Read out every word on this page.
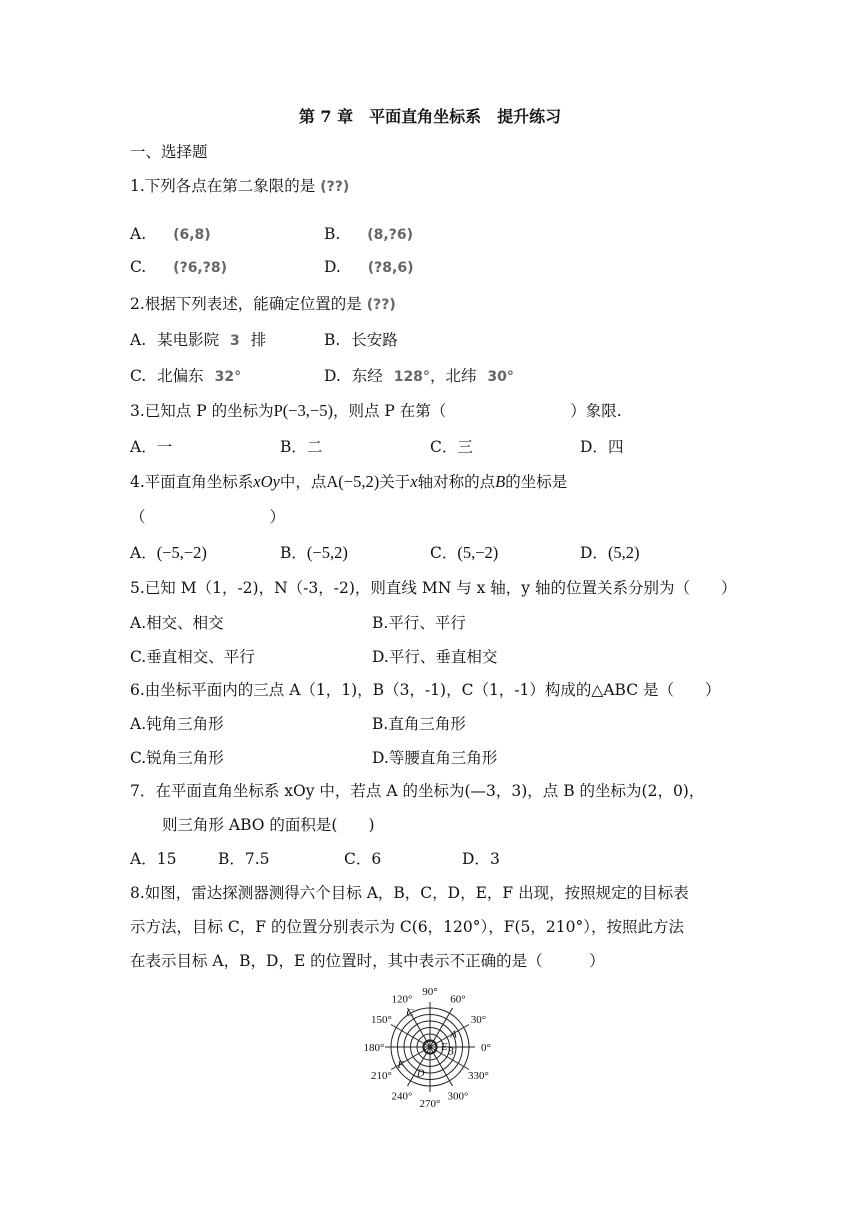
第 7 章　平面直角坐标系　提升练习
一、选择题
1.下列各点在第二象限的是 (??)
A. (6,8)	B. (8,?6)
C. (?6,?8)	D. (?8,6)
2.根据下列表述，能确定位置的是 (??)
A. 某电影院 3 排	B. 长安路
C. 北偏东 32°	D. 东经 128°，北纬 30°
3.已知点 P 的坐标为P(−3,−5)，则点 P 在第（　　　　　　　　）象限.
A．一	B．二	C．三	D．四
4.平面直角坐标系xOy中，点A(−5,2)关于x轴对称的点B的坐标是
（　　　　　　　　）
A．(−5,−2)	B．(−5,2)	C．(5,−2)	D．(5,2)
5.已知 M（1，-2)，N（-3，-2)，则直线 MN 与 x 轴，y 轴的位置关系分别为（　　）
A.相交、相交	B.平行、平行
C.垂直相交、平行	D.平行、垂直相交
6.由坐标平面内的三点 A（1，1)，B（3，-1)，C（1，-1）构成的△ABC 是（　　）
A.钝角三角形	B.直角三角形
C.锐角三角形	D.等腰直角三角形
7．在平面直角坐标系 xOy 中，若点 A 的坐标为(—3，3)，点 B 的坐标为(2，0)，
则三角形 ABO 的面积是(　　)
A．15	B．7.5	C．6	D．3
8.如图，雷达探测器测得六个目标 A，B，C，D，E，F 出现，按照规定的目标表
示方法，目标 C，F 的位置分别表示为 C(6，120°），F(5，210°），按照此方法
在表示目标 A，B，D，E 的位置时，其中表示不正确的是（　　　）
0°
30°
60°
90°
120°
150°
180°
210°
240°
270°
300°
330°
A
B
C
D
E
F
